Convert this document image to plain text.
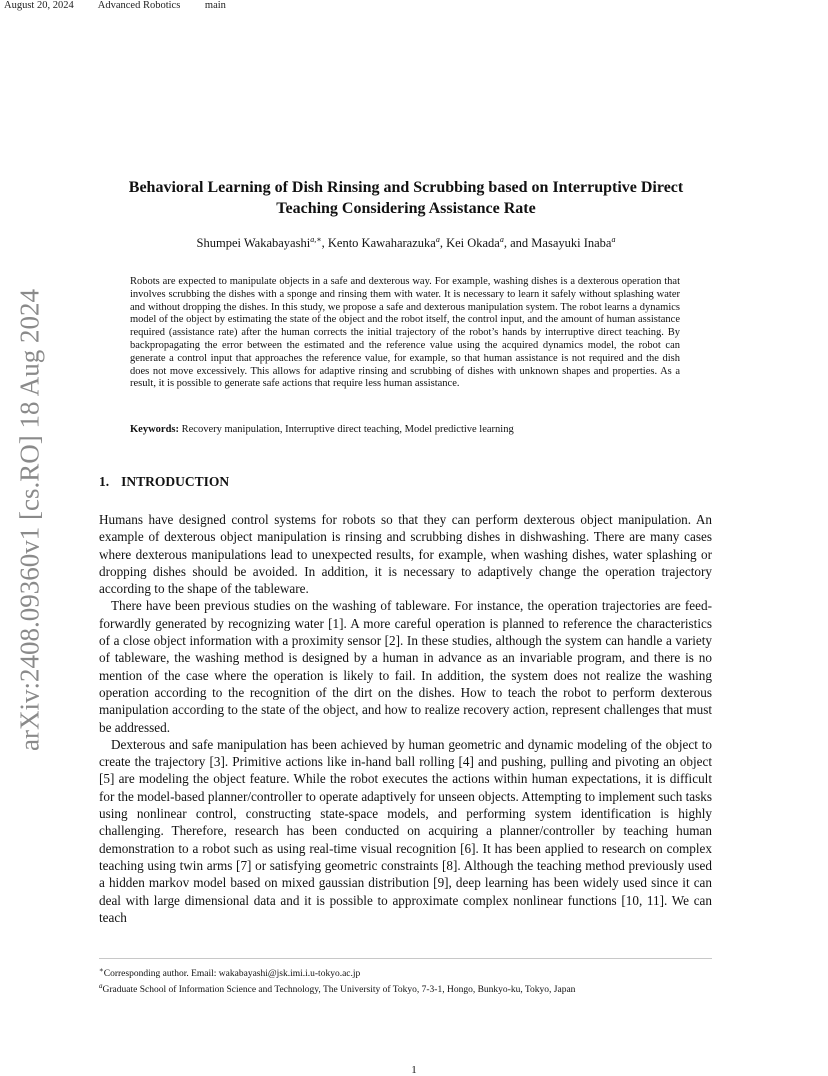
August 20, 2024 Advanced Robotics main
arXiv:2408.09360v1 [cs.RO] 18 Aug 2024
Behavioral Learning of Dish Rinsing and Scrubbing based on Interruptive Direct Teaching Considering Assistance Rate
Shumpei Wakabayashi$^{a,∗}$, Kento Kawaharazuka$^a$, Kei Okada$^a$, and Masayuki Inaba$^a$

Robots are expected to manipulate objects in a safe and dexterous way. For example, washing dishes is a dexterous operation that involves scrubbing the dishes with a sponge and rinsing them with water. It is necessary to learn it safely without splashing water and without dropping the dishes. In this study, we propose a safe and dexterous manipulation system. The robot learns a dynamics model of the object by estimating the state of the object and the robot itself, the control input, and the amount of human assistance required (assistance rate) after the human corrects the initial trajectory of the robot’s hands by interruptive direct teaching. By backpropagating the error between the estimated and the reference value using the acquired dynamics model, the robot can generate a control input that approaches the reference value, for example, so that human assistance is not required and the dish does not move excessively. This allows for adaptive rinsing and scrubbing of dishes with unknown shapes and properties. As a result, it is possible to generate safe actions that require less human assistance.

Keywords: Recovery manipulation, Interruptive direct teaching, Model predictive learning
1. INTRODUCTION

Humans have designed control systems for robots so that they can perform dexterous object manipulation. An example of dexterous object manipulation is rinsing and scrubbing dishes in dishwashing. There are many cases where dexterous manipulations lead to unexpected results, for example, when washing dishes, water splashing or dropping dishes should be avoided. In addition, it is necessary to adaptively change the operation trajectory according to the shape of the tableware.

There have been previous studies on the washing of tableware. For instance, the operation trajectories are feed-forwardly generated by recognizing water [1]. A more careful operation is planned to reference the characteristics of a close object information with a proximity sensor [2]. In these studies, although the system can handle a variety of tableware, the washing method is designed by a human in advance as an invariable program, and there is no mention of the case where the operation is likely to fail. In addition, the system does not realize the washing operation according to the recognition of the dirt on the dishes. How to teach the robot to perform dexterous manipulation according to the state of the object, and how to realize recovery action, represent challenges that must be addressed.

Dexterous and safe manipulation has been achieved by human geometric and dynamic modeling of the object to create the trajectory [3]. Primitive actions like in-hand ball rolling [4] and pushing, pulling and pivoting an object [5] are modeling the object feature. While the robot executes the actions within human expectations, it is difficult for the model-based planner/controller to operate adaptively for unseen objects. Attempting to implement such tasks using nonlinear control, constructing state-space models, and performing system identification is highly challenging. Therefore, research has been conducted on acquiring a planner/controller by teaching human demonstration to a robot such as using real-time visual recognition [6]. It has been applied to research on complex teaching using twin arms [7] or satisfying geometric constraints [8]. Although the teaching method previously used a hidden markov model based on mixed gaussian distribution [9], deep learning has been widely used since it can deal with large dimensional data and it is possible to approximate complex nonlinear functions [10, 11]. We can teach

∗Corresponding author. Email: wakabayashi@jsk.imi.i.u-tokyo.ac.jp
$^a$Graduate School of Information Science and Technology, The University of Tokyo, 7-3-1, Hongo, Bunkyo-ku, Tokyo, Japan
1
